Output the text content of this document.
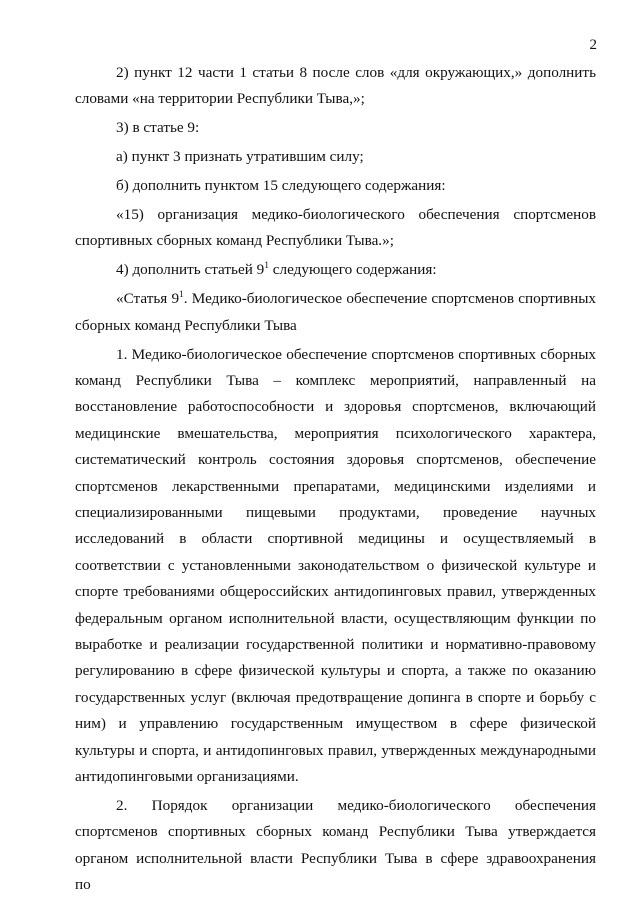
2

2) пункт 12 части 1 статьи 8 после слов «для окружающих,» дополнить словами «на территории Республики Тыва,»;

3) в статье 9:

а) пункт 3 признать утратившим силу;

б) дополнить пунктом 15 следующего содержания:

«15) организация медико-биологического обеспечения спортсменов спортивных сборных команд Республики Тыва.»;

4) дополнить статьей $9^1$ следующего содержания:

«Статья $9^1$. Медико-биологическое обеспечение спортсменов спортивных сборных команд Республики Тыва

1. Медико-биологическое обеспечение спортсменов спортивных сборных команд Республики Тыва – комплекс мероприятий, направленный на восстановление работоспособности и здоровья спортсменов, включающий медицинские вмешательства, мероприятия психологического характера, систематический контроль состояния здоровья спортсменов, обеспечение спортсменов лекарственными препаратами, медицинскими изделиями и специализированными пищевыми продуктами, проведение научных исследований в области спортивной медицины и осуществляемый в соответствии с установленными законодательством о физической культуре и спорте требованиями общероссийских антидопинговых правил, утвержденных федеральным органом исполнительной власти, осуществляющим функции по выработке и реализации государственной политики и нормативно-правовому регулированию в сфере физической культуры и спорта, а также по оказанию государственных услуг (включая предотвращение допинга в спорте и борьбу с ним) и управлению государственным имуществом в сфере физической культуры и спорта, и антидопинговых правил, утвержденных международными антидопинговыми организациями.

2. Порядок организации медико-биологического обеспечения спортсменов спортивных сборных команд Республики Тыва утверждается органом исполнительной власти Республики Тыва в сфере здравоохранения по
